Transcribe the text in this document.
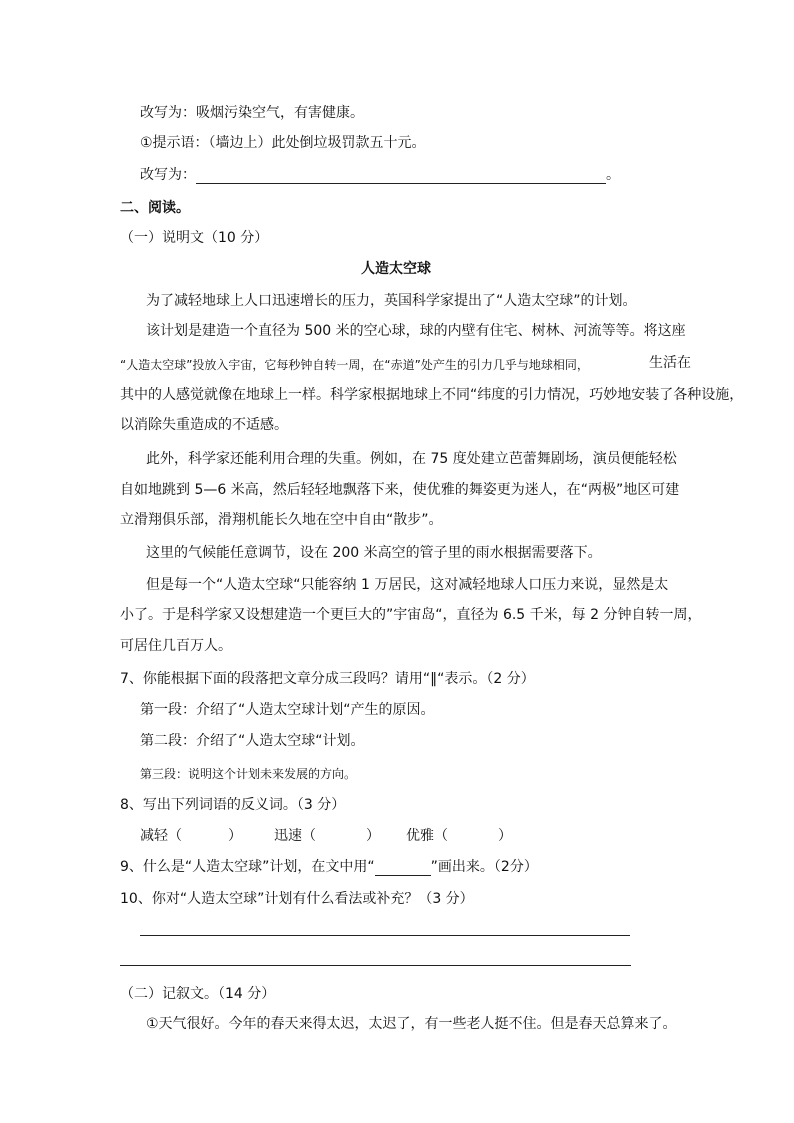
改写为：吸烟污染空气，有害健康。
①提示语：（墙边上）此处倒垃圾罚款五十元。
改写为：	。
二、阅读。
（一）说明文（10 分）
人造太空球
为了减轻地球上人口迅速增长的压力，英国科学家提出了“人造太空球”的计划。
该计划是建造一个直径为 500 米的空心球，球的内壁有住宅、树林、河流等等。将这座
“人造太空球”投放入宇宙，它每秒钟自转一周，在“赤道”处产生的引力几乎与地球相同，	生活在
其中的人感觉就像在地球上一样。科学家根据地球上不同“纬度的引力情况，巧妙地安装了各种设施，
以消除失重造成的不适感。
此外，科学家还能利用合理的失重。例如，在 75 度处建立芭蕾舞剧场，演员便能轻松
自如地跳到 5—6 米高，然后轻轻地飘落下来，使优雅的舞姿更为迷人，在“两极”地区可建
立滑翔俱乐部，滑翔机能长久地在空中自由“散步”。
这里的气候能任意调节，设在 200 米高空的管子里的雨水根据需要落下。
但是每一个“人造太空球“只能容纳 1 万居民，这对减轻地球人口压力来说，显然是太
小了。于是科学家又设想建造一个更巨大的”宇宙岛“，直径为 6.5 千米，每 2 分钟自转一周，
可居住几百万人。
7、你能根据下面的段落把文章分成三段吗？请用“‖“表示。（2 分）
第一段：介绍了“人造太空球计划“产生的原因。
第二段：介绍了“人造太空球“计划。
第三段：说明这个计划未来发展的方向。
8、写出下列词语的反义词。（3 分）
减轻（	） 迅速（	） 优雅（	）
9、什么是“人造太空球”计划，在文中用“	”画出来。（2分）
10、你对“人造太空球”计划有什么看法或补充？（3 分）
（二）记叙文。（14 分）
①天气很好。今年的春天来得太迟，太迟了，有一些老人挺不住。但是春天总算来了。
